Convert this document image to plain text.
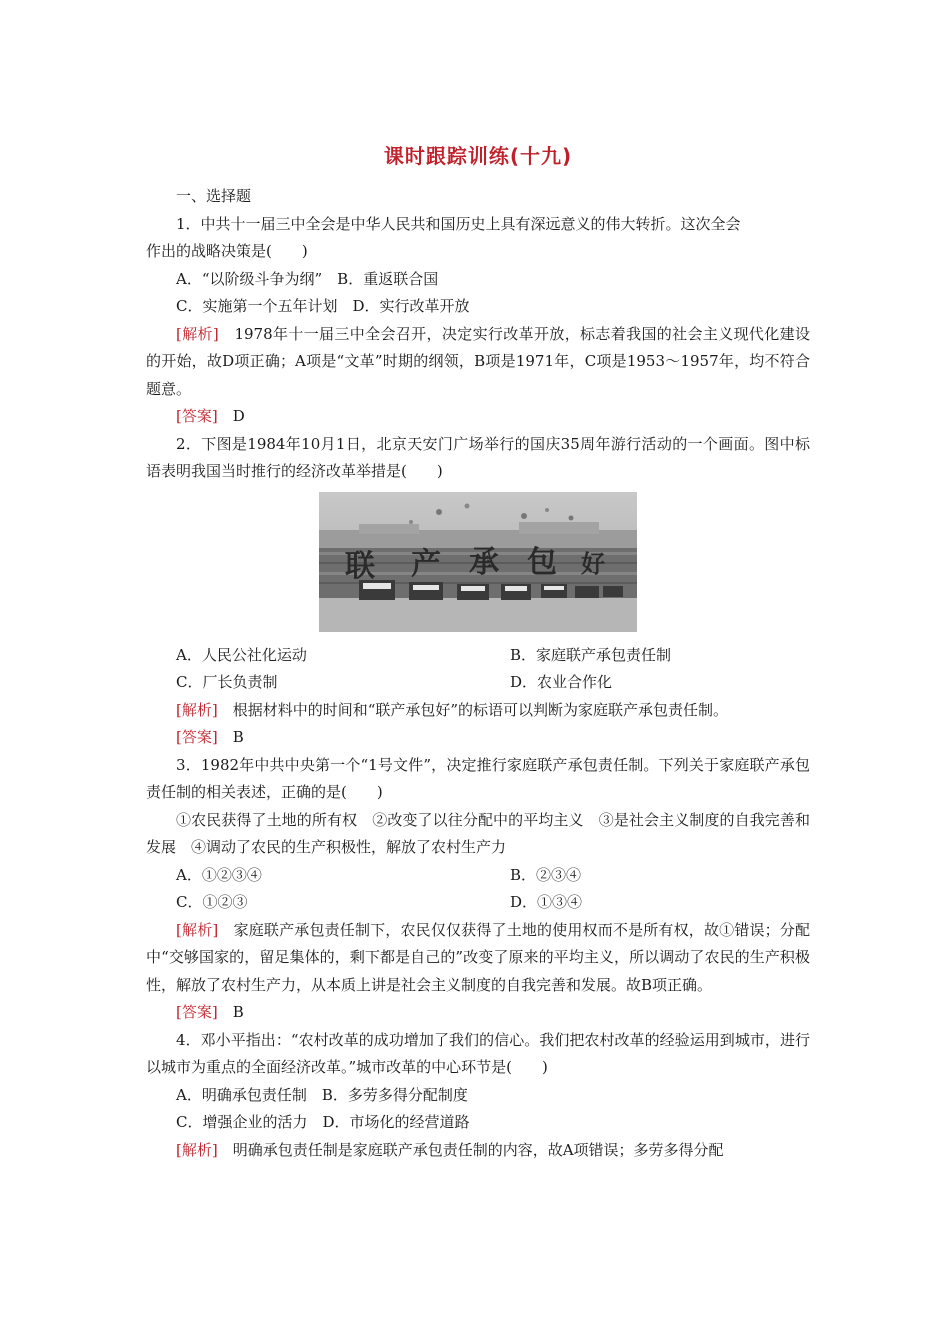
课时跟踪训练(十九)
一、选择题
1．中共十一届三中全会是中华人民共和国历史上具有深远意义的伟大转折。这次全会
作出的战略决策是(　　)
A．“以阶级斗争为纲”　B．重返联合国
C．实施第一个五年计划　D．实行改革开放
[解析]　1978年十一届三中全会召开，决定实行改革开放，标志着我国的社会主义现代化建设的开始，故D项正确；A项是“文革”时期的纲领，B项是1971年，C项是1953～1957年，均不符合题意。
[答案]　D
2．下图是1984年10月1日，北京天安门广场举行的国庆35周年游行活动的一个画面。图中标语表明我国当时推行的经济改革举措是(　　)
联 产 承 包 好
A．人民公社化运动	B．家庭联产承包责任制
C．厂长负责制	D．农业合作化
[解析]　根据材料中的时间和“联产承包好”的标语可以判断为家庭联产承包责任制。
[答案]　B
3．1982年中共中央第一个“1号文件”，决定推行家庭联产承包责任制。下列关于家庭联产承包责任制的相关表述，正确的是(　　)
①农民获得了土地的所有权　②改变了以往分配中的平均主义　③是社会主义制度的自我完善和发展　④调动了农民的生产积极性，解放了农村生产力
A．①②③④	B．②③④
C．①②③	D．①③④
[解析]　家庭联产承包责任制下，农民仅仅获得了土地的使用权而不是所有权，故①错误；分配中“交够国家的，留足集体的，剩下都是自己的”改变了原来的平均主义，所以调动了农民的生产积极性，解放了农村生产力，从本质上讲是社会主义制度的自我完善和发展。故B项正确。
[答案]　B
4．邓小平指出：“农村改革的成功增加了我们的信心。我们把农村改革的经验运用到城市，进行以城市为重点的全面经济改革。”城市改革的中心环节是(　　)
A．明确承包责任制　B．多劳多得分配制度
C．增强企业的活力　D．市场化的经营道路
[解析]　明确承包责任制是家庭联产承包责任制的内容，故A项错误；多劳多得分配
